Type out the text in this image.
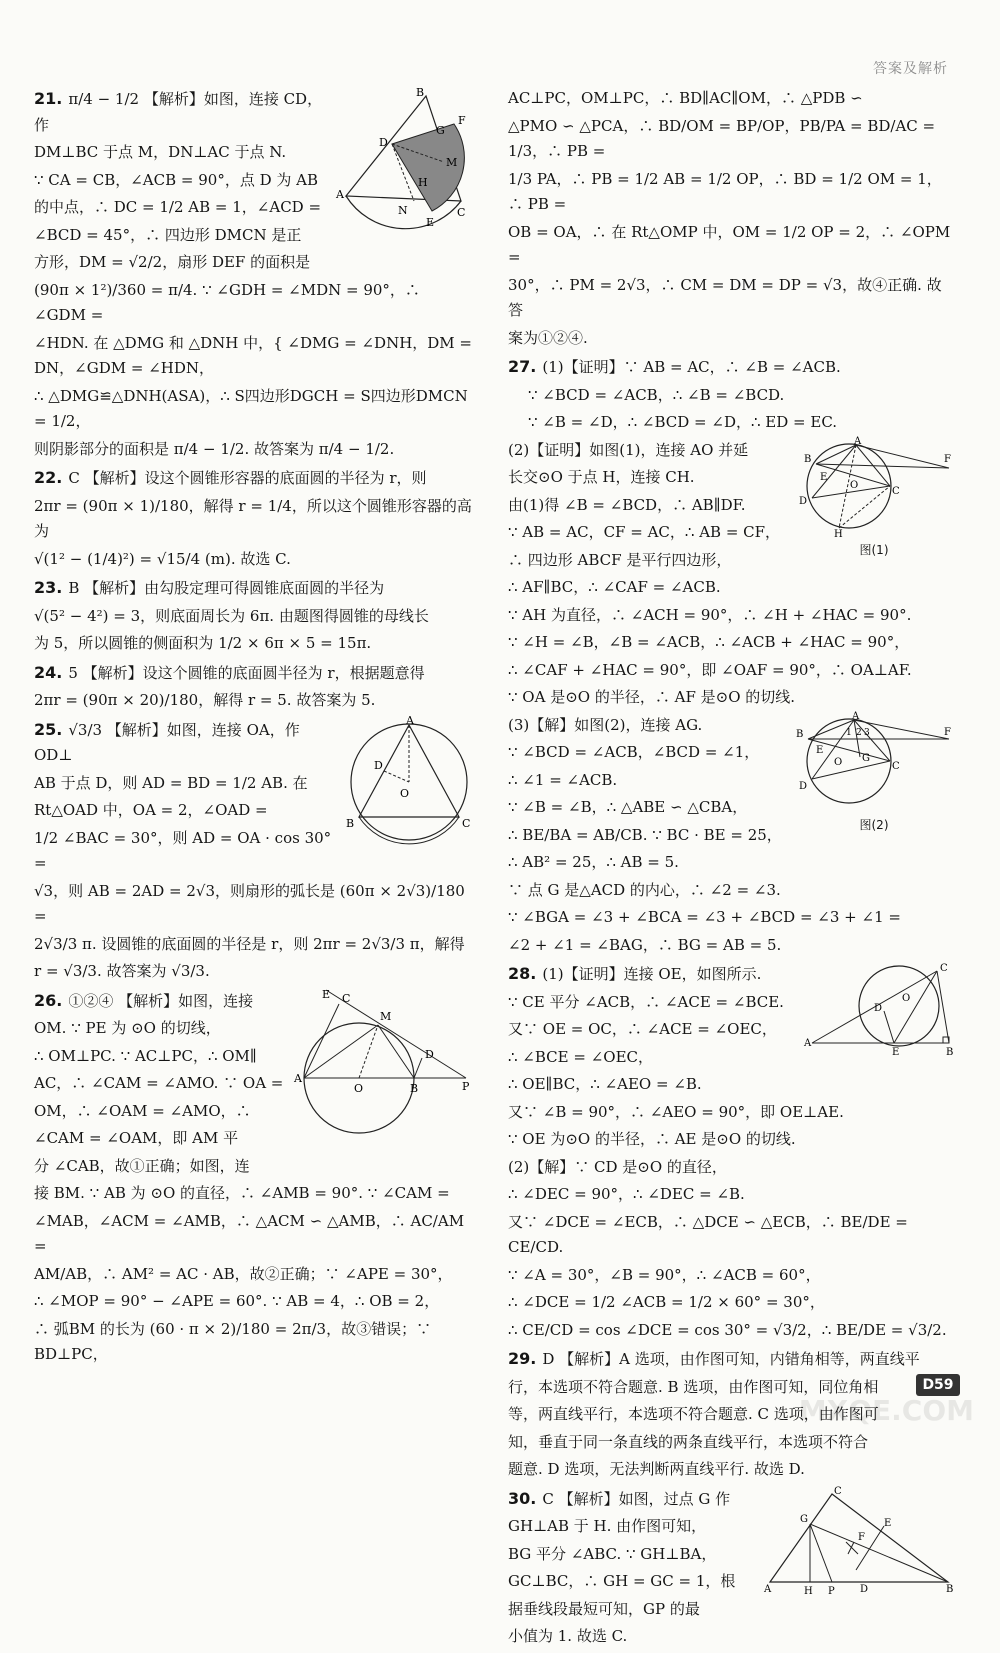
答案及解析
B
A
C
D
E
F
G
H
M
N
21. π/4 − 1/2 【解析】如图，连接 CD，作
DM⊥BC 于点 M，DN⊥AC 于点 N.
∵ CA = CB，∠ACB = 90°，点 D 为 AB
的中点，∴ DC = 1/2 AB = 1，∠ACD =
∠BCD = 45°，∴ 四边形 DMCN 是正
方形，DM = √2/2，扇形 DEF 的面积是
(90π × 1²)/360 = π/4. ∵ ∠GDH = ∠MDN = 90°，∴ ∠GDM =
∠HDN. 在 △DMG 和 △DNH 中，{ ∠DMG = ∠DNH，DM = DN，∠GDM = ∠HDN，
∴ △DMG≌△DNH(ASA)，∴ S四边形DGCH = S四边形DMCN = 1/2，
则阴影部分的面积是 π/4 − 1/2. 故答案为 π/4 − 1/2.
22. C 【解析】设这个圆锥形容器的底面圆的半径为 r，则
2πr = (90π × 1)/180，解得 r = 1/4，所以这个圆锥形容器的高为
√(1² − (1/4)²) = √15/4 (m). 故选 C.
23. B 【解析】由勾股定理可得圆锥底面圆的半径为
√(5² − 4²) = 3，则底面周长为 6π. 由题图得圆锥的母线长
为 5，所以圆锥的侧面积为 1/2 × 6π × 5 = 15π.
24. 5 【解析】设这个圆锥的底面圆半径为 r，根据题意得
2πr = (90π × 20)/180，解得 r = 5. 故答案为 5.
A
B	C
D
O
25. √3/3 【解析】如图，连接 OA，作 OD⊥
AB 于点 D，则 AD = BD = 1/2 AB. 在
Rt△OAD 中，OA = 2，∠OAD =
1/2 ∠BAC = 30°，则 AD = OA · cos 30° =
√3，则 AB = 2AD = 2√3，则扇形的弧长是 (60π × 2√3)/180 =
2√3/3 π. 设圆锥的底面圆的半径是 r，则 2πr = 2√3/3 π，解得
r = √3/3. 故答案为 √3/3.
A
B
C
D
E
M
O	P
26. ①②④ 【解析】如图，连接
OM. ∵ PE 为 ⊙O 的切线，
∴ OM⊥PC. ∵ AC⊥PC，∴ OM∥
AC，∴ ∠CAM = ∠AMO. ∵ OA =
OM，∴ ∠OAM = ∠AMO，∴
∠CAM = ∠OAM，即 AM 平
分 ∠CAB，故①正确；如图，连
接 BM. ∵ AB 为 ⊙O 的直径，∴ ∠AMB = 90°. ∵ ∠CAM =
∠MAB，∠ACM = ∠AMB，∴ △ACM ∽ △AMB，∴ AC/AM =
AM/AB，∴ AM² = AC · AB，故②正确；∵ ∠APE = 30°，
∴ ∠MOP = 90° − ∠APE = 60°. ∵ AB = 4，∴ OB = 2，
∴ 弧BM 的长为 (60 · π × 2)/180 = 2π/3，故③错误；∵ BD⊥PC，
AC⊥PC，OM⊥PC，∴ BD∥AC∥OM，∴ △PDB ∽
△PMO ∽ △PCA，∴ BD/OM = BP/OP，PB/PA = BD/AC = 1/3，∴ PB =
1/3 PA，∴ PB = 1/2 AB = 1/2 OP，∴ BD = 1/2 OM = 1，∴ PB =
OB = OA，∴ 在 Rt△OMP 中，OM = 1/2 OP = 2，∴ ∠OPM =
30°，∴ PM = 2√3，∴ CM = DM = DP = √3，故④正确. 故答
案为①②④.
27. (1)【证明】∵ AB = AC，∴ ∠B = ∠ACB.
∵ ∠BCD = ∠ACB，∴ ∠B = ∠BCD.
∵ ∠B = ∠D，∴ ∠BCD = ∠D，∴ ED = EC.
A
B
C
D
E
F
H
O
图(1)
(2)【证明】如图(1)，连接 AO 并延
长交⊙O 于点 H，连接 CH.
由(1)得 ∠B = ∠BCD，∴ AB∥DF.
∵ AB = AC，CF = AC，∴ AB = CF，
∴ 四边形 ABCF 是平行四边形，
∴ AF∥BC，∴ ∠CAF = ∠ACB.
∵ AH 为直径，∴ ∠ACH = 90°，∴ ∠H + ∠HAC = 90°.
∵ ∠H = ∠B，∠B = ∠ACB，∴ ∠ACB + ∠HAC = 90°，
∴ ∠CAF + ∠HAC = 90°，即 ∠OAF = 90°，∴ OA⊥AF.
∵ OA 是⊙O 的半径，∴ AF 是⊙O 的切线.
A
B
C
D
E
F
G
O
1 2 3
图(2)
(3)【解】如图(2)，连接 AG.
∵ ∠BCD = ∠ACB，∠BCD = ∠1，
∴ ∠1 = ∠ACB.
∵ ∠B = ∠B，∴ △ABE ∽ △CBA，
∴ BE/BA = AB/CB. ∵ BC · BE = 25，
∴ AB² = 25，∴ AB = 5.
∵ 点 G 是△ACD 的内心，∴ ∠2 = ∠3.
∵ ∠BGA = ∠3 + ∠BCA = ∠3 + ∠BCD = ∠3 + ∠1 =
∠2 + ∠1 = ∠BAG，∴ BG = AB = 5.
A
B
C
D
E
O
28. (1)【证明】连接 OE，如图所示.
∵ CE 平分 ∠ACB，∴ ∠ACE = ∠BCE.
又∵ OE = OC，∴ ∠ACE = ∠OEC，
∴ ∠BCE = ∠OEC，
∴ OE∥BC，∴ ∠AEO = ∠B.
又∵ ∠B = 90°，∴ ∠AEO = 90°，即 OE⊥AE.
∵ OE 为⊙O 的半径，∴ AE 是⊙O 的切线.
(2)【解】∵ CD 是⊙O 的直径，
∴ ∠DEC = 90°，∴ ∠DEC = ∠B.
又∵ ∠DCE = ∠ECB，∴ △DCE ∽ △ECB，∴ BE/DE = CE/CD.
∵ ∠A = 30°，∠B = 90°，∴ ∠ACB = 60°，
∴ ∠DCE = 1/2 ∠ACB = 1/2 × 60° = 30°，
∴ CE/CD = cos ∠DCE = cos 30° = √3/2，∴ BE/DE = √3/2.
29. D 【解析】A 选项，由作图可知，内错角相等，两直线平
行，本选项不符合题意. B 选项，由作图可知，同位角相
等，两直线平行，本选项不符合题意. C 选项，由作图可
知，垂直于同一条直线的两条直线平行，本选项不符合
题意. D 选项，无法判断两直线平行. 故选 D.
A	B
C
D
E
F
G
H P
30. C 【解析】如图，过点 G 作
GH⊥AB 于 H. 由作图可知，
BG 平分 ∠ABC. ∵ GH⊥BA，
GC⊥BC，∴ GH = GC = 1，根
据垂线段最短可知，GP 的最
小值为 1. 故选 C.
D59
MXQE.COM
